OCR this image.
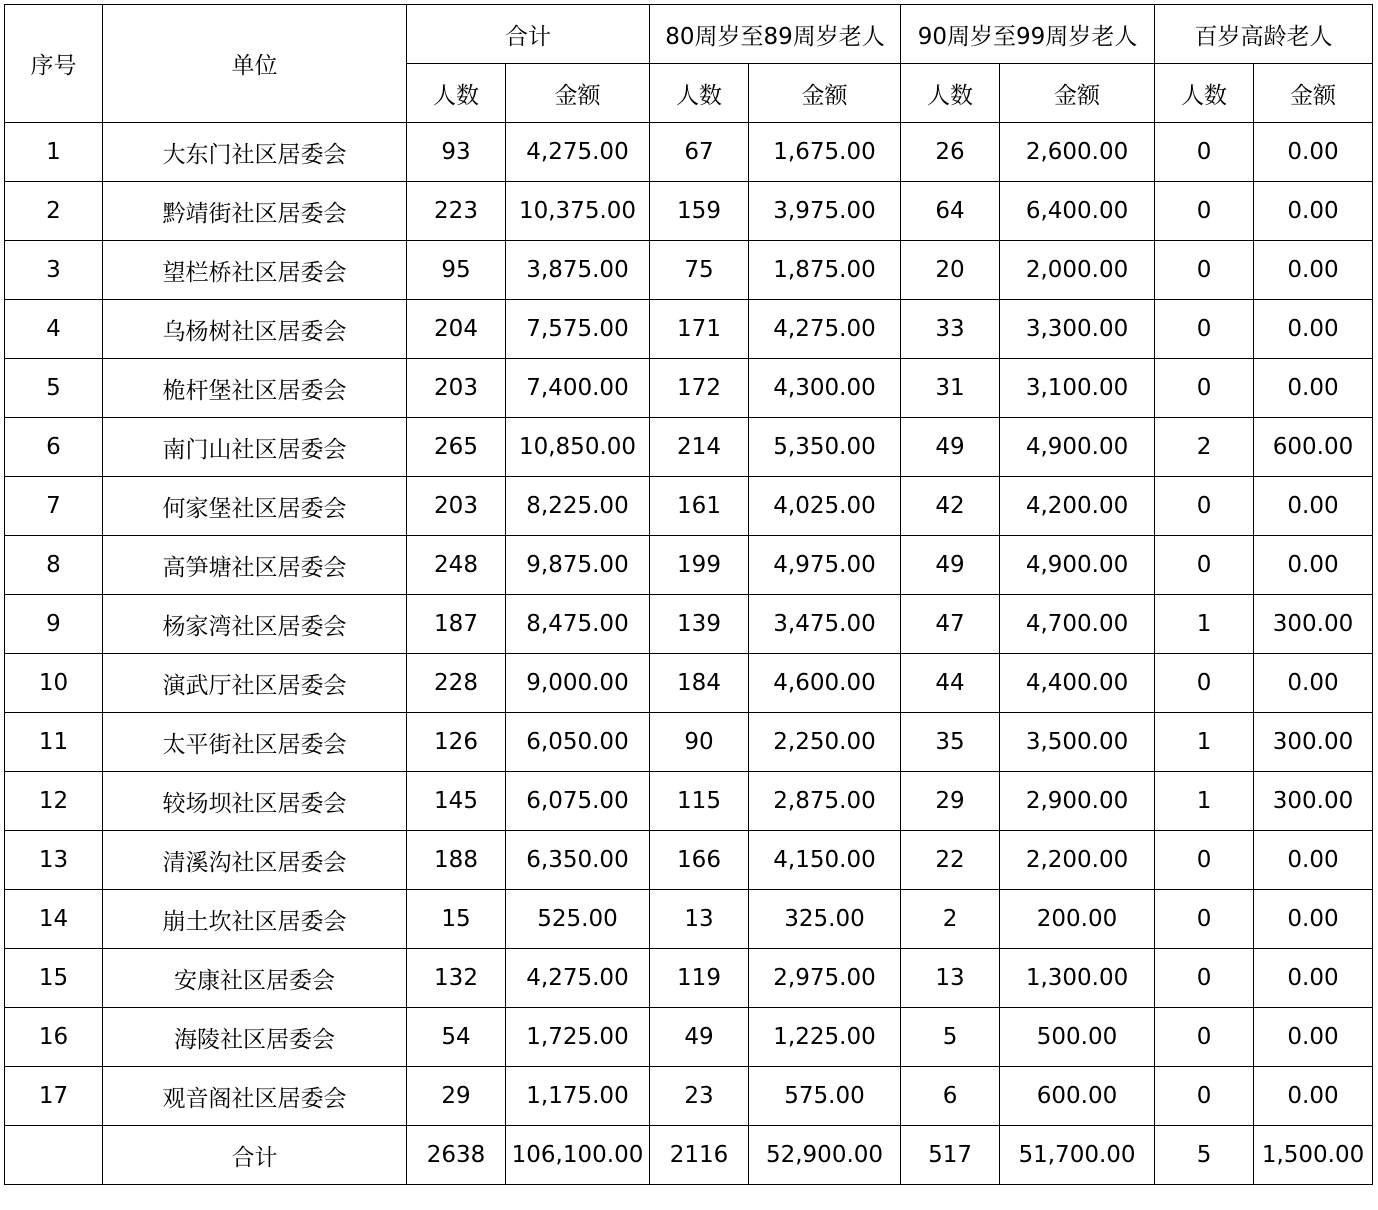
序号	单位	合计		80周岁至89周岁老人		90周岁至99周岁老人		百岁高龄老人	
		人数	金额	人数	金额	人数	金额	人数	金额
1	大东门社区居委会	93	4,275.00	67	1,675.00	26	2,600.00	0	0.00
2	黔靖街社区居委会	223	10,375.00	159	3,975.00	64	6,400.00	0	0.00
3	望栏桥社区居委会	95	3,875.00	75	1,875.00	20	2,000.00	0	0.00
4	乌杨树社区居委会	204	7,575.00	171	4,275.00	33	3,300.00	0	0.00
5	桅杆堡社区居委会	203	7,400.00	172	4,300.00	31	3,100.00	0	0.00
6	南门山社区居委会	265	10,850.00	214	5,350.00	49	4,900.00	2	600.00
7	何家堡社区居委会	203	8,225.00	161	4,025.00	42	4,200.00	0	0.00
8	高笋塘社区居委会	248	9,875.00	199	4,975.00	49	4,900.00	0	0.00
9	杨家湾社区居委会	187	8,475.00	139	3,475.00	47	4,700.00	1	300.00
10	演武厅社区居委会	228	9,000.00	184	4,600.00	44	4,400.00	0	0.00
11	太平街社区居委会	126	6,050.00	90	2,250.00	35	3,500.00	1	300.00
12	较场坝社区居委会	145	6,075.00	115	2,875.00	29	2,900.00	1	300.00
13	清溪沟社区居委会	188	6,350.00	166	4,150.00	22	2,200.00	0	0.00
14	崩土坎社区居委会	15	525.00	13	325.00	2	200.00	0	0.00
15	安康社区居委会	132	4,275.00	119	2,975.00	13	1,300.00	0	0.00
16	海陵社区居委会	54	1,725.00	49	1,225.00	5	500.00	0	0.00
17	观音阁社区居委会	29	1,175.00	23	575.00	6	600.00	0	0.00
	合计	2638	106,100.00	2116	52,900.00	517	51,700.00	5	1,500.00
